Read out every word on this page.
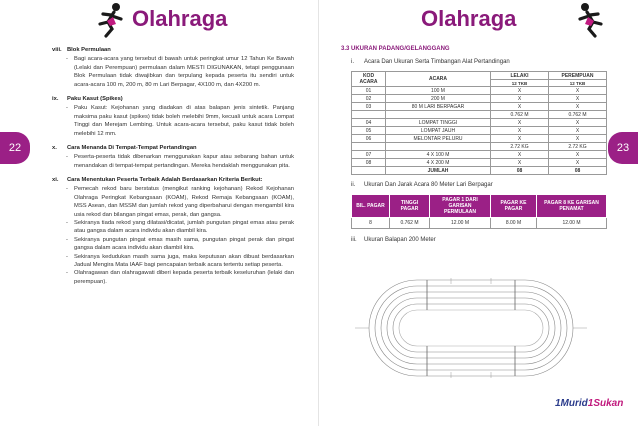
Olahraga
22
viii. Blok Permulaan
- Bagi acara-acara yang tersebut di bawah untuk peringkat umur 12 Tahun Ke Bawah (Lelaki dan Perempuan) permulaan dalam MESTI DIGUNAKAN, tetapi penggunaan Blok Permulaan tidak diwajibkan dan terpulang kepada peserta itu sendiri untuk acara-acara 100 m, 200 m, 80 m Lari Berpagar, 4X100 m, dan 4X200 m.
ix. Paku Kasut (Spikes)
- Paku Kasut: Kejohanan yang diadakan di atas balapan jenis sintetik. Panjang maksima paku kasut (spikes) tidak boleh melebihi 9mm, kecuali untuk acara Lompat Tinggi dan Merejam Lembing. Untuk acara-acara tersebut, paku kasut tidak boleh melebihi 12 mm.
x. Cara Menanda Di Tempat-Tempat Pertandingan
- Peserta-peserta tidak dibenarkan menggunakan kapur atau sebarang bahan untuk menandakan di tempat-tempat pertandingan. Mereka hendaklah menggunakan pita.
xi. Cara Menentukan Peserta Terbaik Adalah Berdasarkan Kriteria Berikut:
- Pemecah rekod baru berstatus (mengikut ranking kejohanan) Rekod Kejohanan Olahraga Peringkat Kebangsaan (KOAM), Rekod Remaja Kebangsaan (KOAM), MSS Asean, dan MSSM dan jumlah rekod yang diperbaharui dengan mengambil kira usia rekod dan bilangan pingat emas, perak, dan gangsa.
- Sekiranya tiada rekod yang dilatasi/dicatat, jumlah pungutan pingat emas atau perak atau gangsa dalam acara individu akan diambil kira.
- Sekiranya pungutan pingat emas masih sama, pungutan pingat perak dan pingat gangsa dalam acara individu akan diambil kira.
- Sekiranya kedudukan masih sama juga, maka keputusan akan dibuat berdasarkan Jadual Mengira Mata IAAF bagi pencapaian terbaik acara tertentu setiap peserta.
- Olahragawan dan olahragawati diberi kepada peserta terbaik keseluruhan (lelaki dan perempuan).
Olahraga
23
3.3 UKURAN PADANG/GELANGGANG
i. Acara Dan Ukuran Serta Timbangan Alat Pertandingan
KOD ACARA	ACARA	LELAKI	PEREMPUAN
		12 TKB	12 TKB
01	100 M	X	X
02	200 M	X	X
03	80 M LARI BERPAGAR	X	X
		0.762 M	0.762 M
04	LOMPAT TINGGI	X	X
05	LOMPAT JAUH	X	X
06	MELONTAR PELURU	X	X
		2.72 KG	2.72 KG
07	4 X 100 M	X	X
08	4 X 200 M	X	X
	JUMLAH	08	08
ii. Ukuran Dan Jarak Acara 80 Meter Lari Berpagar
BIL. PAGAR	TINGGI PAGAR	PAGAR 1 DARI GARISAN PERMULAAN	PAGAR KE PAGAR	PAGAR 8 KE GARISAN PENAMAT
8	0.762 M	12.00 M	8.00 M	12.00 M
iii. Ukuran Balapan 200 Meter
1Murid1Sukan
